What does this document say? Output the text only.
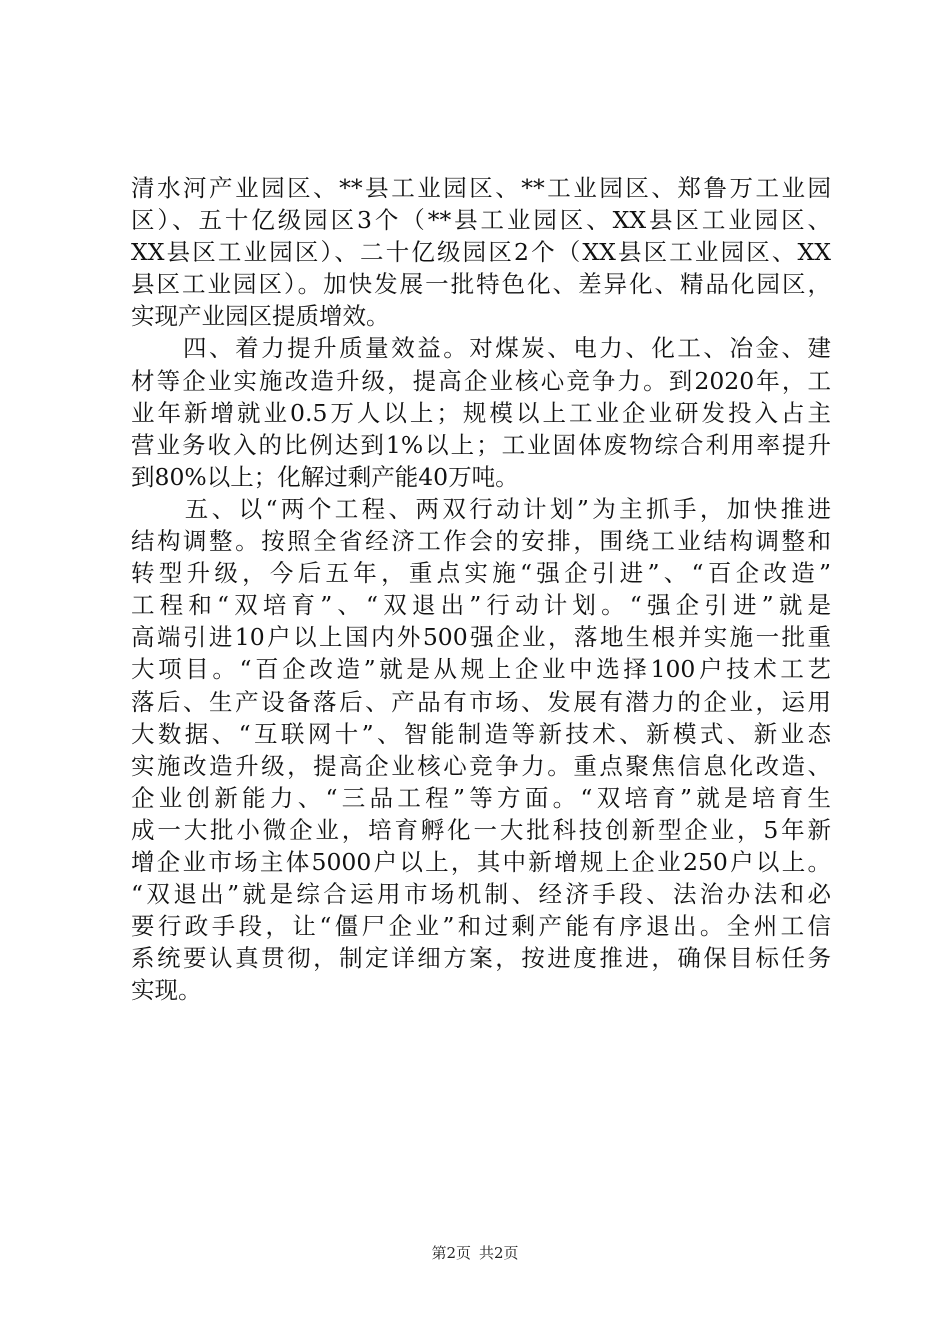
清水河产业园区、**县工业园区、**工业园区、郑鲁万工业园
区）、五十亿级园区3个（**县工业园区、XX县区工业园区、
XX县区工业园区）、二十亿级园区2个（XX县区工业园区、XX
县区工业园区）。加快发展一批特色化、差异化、精品化园区，
实现产业园区提质增效。
　　四、着力提升质量效益。对煤炭、电力、化工、冶金、建
材等企业实施改造升级，提高企业核心竞争力。到2020年，工
业年新增就业0.5万人以上；规模以上工业企业研发投入占主
营业务收入的比例达到1%以上；工业固体废物综合利用率提升
到80%以上；化解过剩产能40万吨。
　　五、以“两个工程、两双行动计划”为主抓手，加快推进
结构调整。按照全省经济工作会的安排，围绕工业结构调整和
转型升级，今后五年，重点实施“强企引进”、“百企改造”
工程和“双培育”、“双退出”行动计划。“强企引进”就是
高端引进10户以上国内外500强企业，落地生根并实施一批重
大项目。“百企改造”就是从规上企业中选择100户技术工艺
落后、生产设备落后、产品有市场、发展有潜力的企业，运用
大数据、“互联网十”、智能制造等新技术、新模式、新业态
实施改造升级，提高企业核心竞争力。重点聚焦信息化改造、
企业创新能力、“三品工程”等方面。“双培育”就是培育生
成一大批小微企业，培育孵化一大批科技创新型企业，5年新
增企业市场主体5000户以上，其中新增规上企业250户以上。
“双退出”就是综合运用市场机制、经济手段、法治办法和必
要行政手段，让“僵尸企业”和过剩产能有序退出。全州工信
系统要认真贯彻，制定详细方案，按进度推进，确保目标任务
实现。
第2页 共2页
